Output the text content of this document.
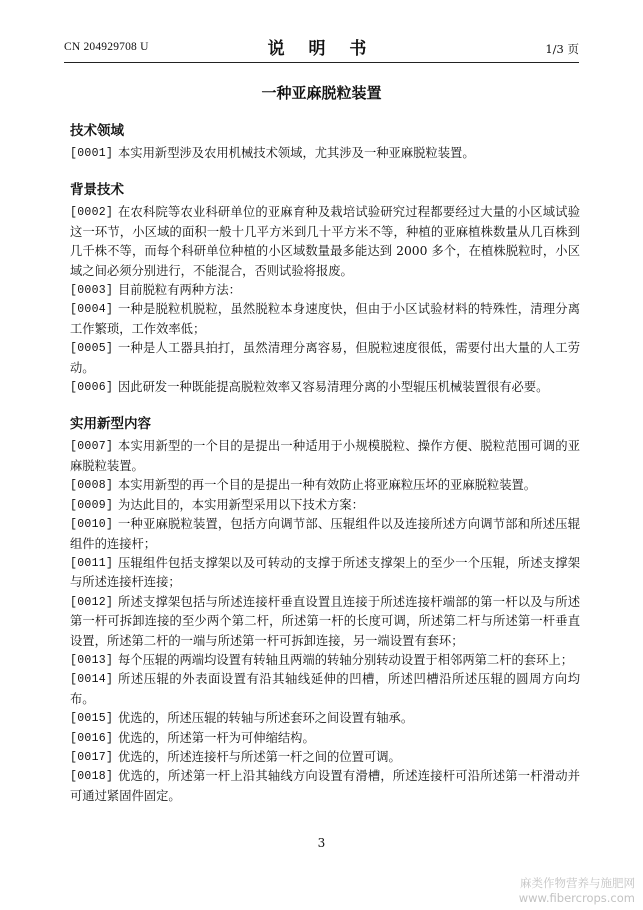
CN 204929708 U	说 明 书	1/3 页
一种亚麻脱粒装置
技术领域
[0001] 本实用新型涉及农用机械技术领域，尤其涉及一种亚麻脱粒装置。
背景技术
[0002] 在农科院等农业科研单位的亚麻育种及栽培试验研究过程都要经过大量的小区域试验这一环节，小区域的面积一般十几平方米到几十平方米不等，种植的亚麻植株数量从几百株到几千株不等，而每个科研单位种植的小区域数量最多能达到 2000 多个，在植株脱粒时，小区域之间必须分别进行，不能混合，否则试验将报废。
[0003] 目前脱粒有两种方法：
[0004] 一种是脱粒机脱粒，虽然脱粒本身速度快，但由于小区试验材料的特殊性，清理分离工作繁琐，工作效率低；
[0005] 一种是人工器具拍打，虽然清理分离容易，但脱粒速度很低，需要付出大量的人工劳动。
[0006] 因此研发一种既能提高脱粒效率又容易清理分离的小型辊压机械装置很有必要。
实用新型内容
[0007] 本实用新型的一个目的是提出一种适用于小规模脱粒、操作方便、脱粒范围可调的亚麻脱粒装置。
[0008] 本实用新型的再一个目的是提出一种有效防止将亚麻粒压坏的亚麻脱粒装置。
[0009] 为达此目的，本实用新型采用以下技术方案：
[0010] 一种亚麻脱粒装置，包括方向调节部、压辊组件以及连接所述方向调节部和所述压辊组件的连接杆；
[0011] 压辊组件包括支撑架以及可转动的支撑于所述支撑架上的至少一个压辊，所述支撑架与所述连接杆连接；
[0012] 所述支撑架包括与所述连接杆垂直设置且连接于所述连接杆端部的第一杆以及与所述第一杆可拆卸连接的至少两个第二杆，所述第一杆的长度可调，所述第二杆与所述第一杆垂直设置，所述第二杆的一端与所述第一杆可拆卸连接，另一端设置有套环；
[0013] 每个压辊的两端均设置有转轴且两端的转轴分别转动设置于相邻两第二杆的套环上；
[0014] 所述压辊的外表面设置有沿其轴线延伸的凹槽，所述凹槽沿所述压辊的圆周方向均布。
[0015] 优选的，所述压辊的转轴与所述套环之间设置有轴承。
[0016] 优选的，所述第一杆为可伸缩结构。
[0017] 优选的，所述连接杆与所述第一杆之间的位置可调。
[0018] 优选的，所述第一杆上沿其轴线方向设置有滑槽，所述连接杆可沿所述第一杆滑动并可通过紧固件固定。
3
麻类作物营养与施肥网
www.fibercrops.com
